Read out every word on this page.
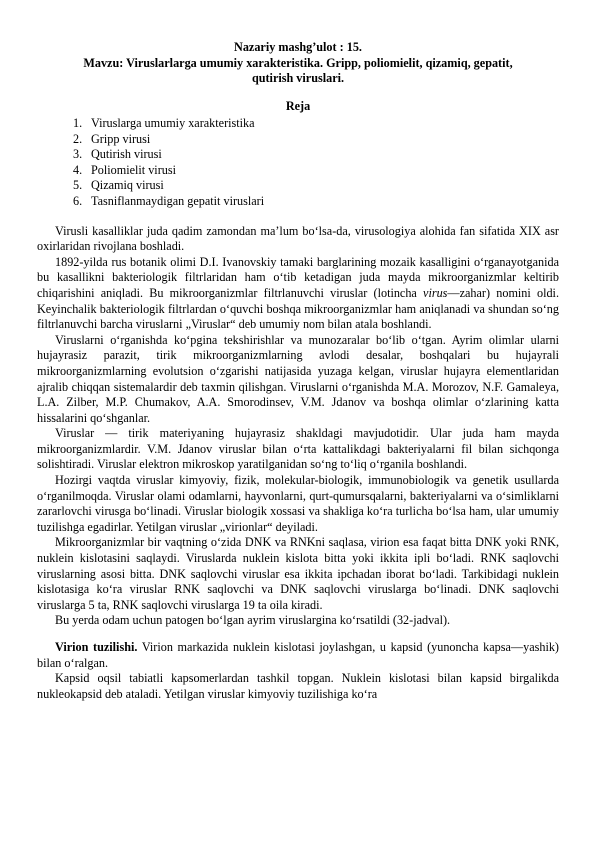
Nazariy mashg’ulot : 15.

Mavzu: Viruslarlarga umumiy xarakteristika. Gripp, poliomielit, qizamiq, gepatit,

qutirish viruslari.

Reja

1. Viruslarga umumiy xarakteristika
2. Gripp virusi
3. Qutirish virusi
4. Poliomielit virusi
5. Qizamiq virusi
6. Tasniflanmaydigan gepatit viruslari

Virusli kasalliklar juda qadim zamondan ma’lum bo‘lsa-da, virusologiya alohida fan sifatida XIX asr oxirlaridan rivojlana boshladi.

1892-yilda rus botanik olimi D.I. Ivanovskiy tamaki barglarining mozaik kasalligini o‘rganayotganida bu kasallikni bakteriologik filtrlaridan ham o‘tib ketadigan juda mayda mikroorganizmlar keltirib chiqarishini aniqladi. Bu mikroorganizmlar filtrlanuvchi viruslar (lotincha virus—zahar) nomini oldi. Keyinchalik bakteriologik filtrlardan o‘quvchi boshqa mikroorganizmlar ham aniqlanadi va shundan so‘ng filtrlanuvchi barcha viruslarni „Viruslar“ deb umumiy nom bilan atala boshlandi.

Viruslarni o‘rganishda ko‘pgina tekshirishlar va munozaralar bo‘lib o‘tgan. Ayrim olimlar ularni hujayrasiz parazit, tirik mikroorganizmlarning avlodi desalar, boshqalari bu hujayrali mikroorganizmlarning evolutsion o‘zgarishi natijasida yuzaga kelgan, viruslar hujayra elementlaridan ajralib chiqqan sistemalardir deb taxmin qilishgan. Viruslarni o‘rganishda M.A. Morozov, N.F. Gamaleya, L.A. Zilber, M.P. Chumakov, A.A. Smorodinsev, V.M. Jdanov va boshqa olimlar o‘zlarining katta hissalarini qo‘shganlar.

Viruslar — tirik materiyaning hujayrasiz shakldagi mavjudotidir. Ular juda ham mayda mikroorganizmlardir. V.M. Jdanov viruslar bilan o‘rta kattalikdagi bakteriyalarni fil bilan sichqonga solishtiradi. Viruslar elektron mikroskop yaratilganidan so‘ng to‘liq o‘rganila boshlandi.

Hozirgi vaqtda viruslar kimyoviy, fizik, molekular-biologik, immunobiologik va genetik usullarda o‘rganilmoqda. Viruslar olami odamlarni, hayvonlarni, qurt-qumursqalarni, bakteriyalarni va o‘simliklarni zararlovchi virusga bo‘linadi. Viruslar biologik xossasi va shakliga ko‘ra turlicha bo‘lsa ham, ular umumiy tuzilishga egadirlar. Yetilgan viruslar „virionlar“ deyiladi.

Mikroorganizmlar bir vaqtning o‘zida DNK va RNKni saqlasa, virion esa faqat bitta DNK yoki RNK, nuklein kislotasini saqlaydi. Viruslarda nuklein kislota bitta yoki ikkita ipli bo‘ladi. RNK saqlovchi viruslarning asosi bitta. DNK saqlovchi viruslar esa ikkita ipchadan iborat bo‘ladi. Tarkibidagi nuklein kislotasiga ko‘ra viruslar RNK saqlovchi va DNK saqlovchi viruslarga bo‘linadi. DNK saqlovchi viruslarga 5 ta, RNK saqlovchi viruslarga 19 ta oila kiradi.

Bu yerda odam uchun patogen bo‘lgan ayrim viruslargina ko‘rsatildi (32-jadval).

Virion tuzilishi. Virion markazida nuklein kislotasi joylashgan, u kapsid (yunoncha kapsa—yashik) bilan o‘ralgan.

Kapsid oqsil tabiatli kapsomerlardan tashkil topgan. Nuklein kislotasi bilan kapsid birgalikda nukleokapsid deb ataladi. Yetilgan viruslar kimyoviy tuzilishiga ko‘ra
